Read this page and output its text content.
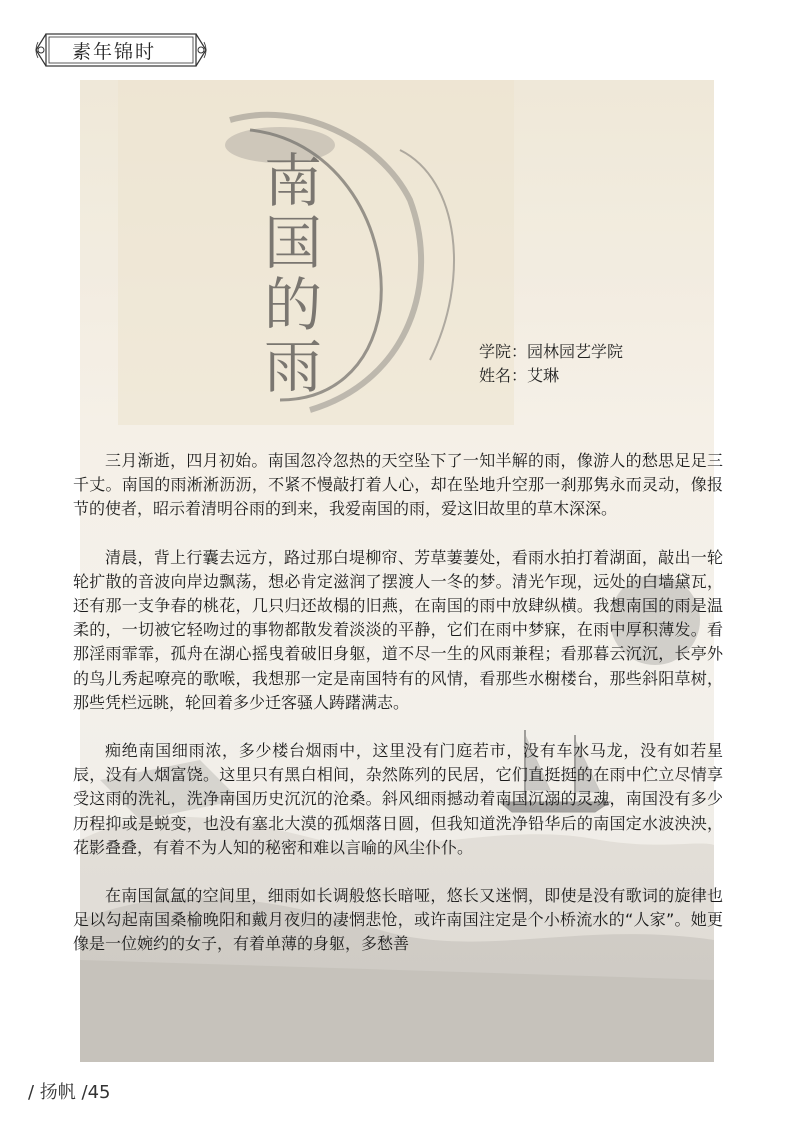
素年锦时
南国的雨	学院：园林园艺学院
姓名：艾琳

三月渐逝，四月初始。南国忽冷忽热的天空坠下了一知半解的雨，像游人的愁思足足三千丈。南国的雨淅淅沥沥，不紧不慢敲打着人心，却在坠地升空那一刹那隽永而灵动，像报节的使者，昭示着清明谷雨的到来，我爱南国的雨，爱这旧故里的草木深深。

清晨，背上行囊去远方，路过那白堤柳帘、芳草萋萋处，看雨水拍打着湖面，敲出一轮轮扩散的音波向岸边飘荡，想必肯定滋润了摆渡人一冬的梦。清光乍现，远处的白墙黛瓦，还有那一支争春的桃花，几只归还故榻的旧燕，在南国的雨中放肆纵横。我想南国的雨是温柔的，一切被它轻吻过的事物都散发着淡淡的平静，它们在雨中梦寐，在雨中厚积薄发。看那淫雨霏霏，孤舟在湖心摇曳着破旧身躯，道不尽一生的风雨兼程；看那暮云沉沉，长亭外的鸟儿秀起嘹亮的歌喉，我想那一定是南国特有的风情，看那些水榭楼台，那些斜阳草树，那些凭栏远眺，轮回着多少迁客骚人踌躇满志。

痴绝南国细雨浓，多少楼台烟雨中，这里没有门庭若市，没有车水马龙，没有如若星辰，没有人烟富饶。这里只有黑白相间，杂然陈列的民居，它们直挺挺的在雨中伫立尽情享受这雨的洗礼，洗净南国历史沉沉的沧桑。斜风细雨撼动着南国沉溺的灵魂，南国没有多少历程抑或是蜕变，也没有塞北大漠的孤烟落日圆，但我知道洗净铅华后的南国定水波泱泱，花影叠叠，有着不为人知的秘密和难以言喻的风尘仆仆。

在南国氤氲的空间里，细雨如长调般悠长暗哑，悠长又迷惘，即使是没有歌词的旋律也足以勾起南国桑榆晚阳和戴月夜归的凄惘悲怆，或许南国注定是个小桥流水的“人家”。她更像是一位婉约的女子，有着单薄的身躯，多愁善

/ 扬帆 /45
